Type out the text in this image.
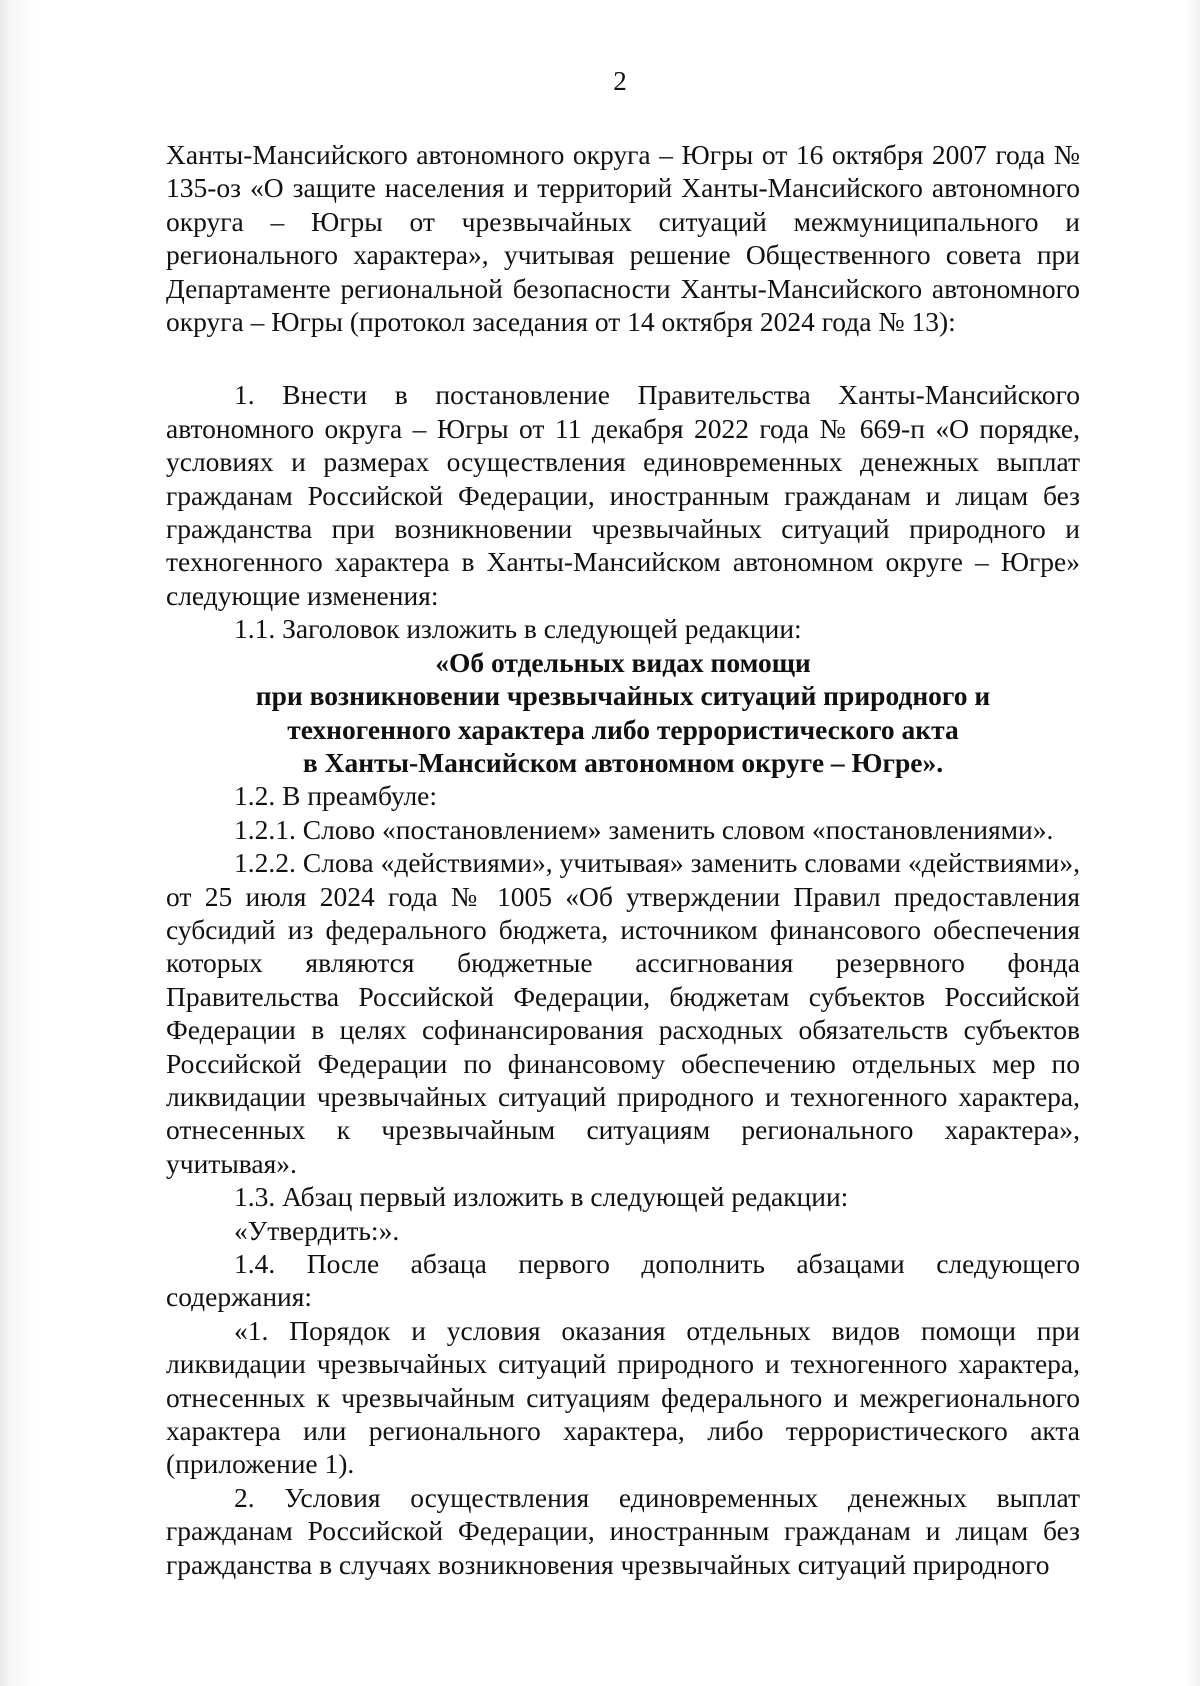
2

Ханты-Мансийского автономного округа – Югры от 16 октября 2007 года № 135-оз «О защите населения и территорий Ханты-Мансийского автономного округа – Югры от чрезвычайных ситуаций межмуниципального и регионального характера», учитывая решение Общественного совета при Департаменте региональной безопасности Ханты-Мансийского автономного округа – Югры (протокол заседания от 14 октября 2024 года № 13):

1. Внести в постановление Правительства Ханты-Мансийского автономного округа – Югры от 11 декабря 2022 года № 669-п «О порядке, условиях и размерах осуществления единовременных денежных выплат гражданам Российской Федерации, иностранным гражданам и лицам без гражданства при возникновении чрезвычайных ситуаций природного и техногенного характера в Ханты-Мансийском автономном округе – Югре» следующие изменения:

1.1. Заголовок изложить в следующей редакции:

«Об отдельных видах помощи

при возникновении чрезвычайных ситуаций природного и

техногенного характера либо террористического акта

в Ханты-Мансийском автономном округе – Югре».

1.2. В преамбуле:

1.2.1. Слово «постановлением» заменить словом «постановлениями».

1.2.2. Слова «действиями», учитывая» заменить словами «действиями», от 25 июля 2024 года № 1005 «Об утверждении Правил предоставления субсидий из федерального бюджета, источником финансового обеспечения которых являются бюджетные ассигнования резервного фонда Правительства Российской Федерации, бюджетам субъектов Российской Федерации в целях софинансирования расходных обязательств субъектов Российской Федерации по финансовому обеспечению отдельных мер по ликвидации чрезвычайных ситуаций природного и техногенного характера, отнесенных к чрезвычайным ситуациям регионального характера», учитывая».

1.3. Абзац первый изложить в следующей редакции:

«Утвердить:».

1.4. После абзаца первого дополнить абзацами следующего содержания:

«1. Порядок и условия оказания отдельных видов помощи при ликвидации чрезвычайных ситуаций природного и техногенного характера, отнесенных к чрезвычайным ситуациям федерального и межрегионального характера или регионального характера, либо террористического акта (приложение 1).

2. Условия осуществления единовременных денежных выплат гражданам Российской Федерации, иностранным гражданам и лицам без гражданства в случаях возникновения чрезвычайных ситуаций природного
